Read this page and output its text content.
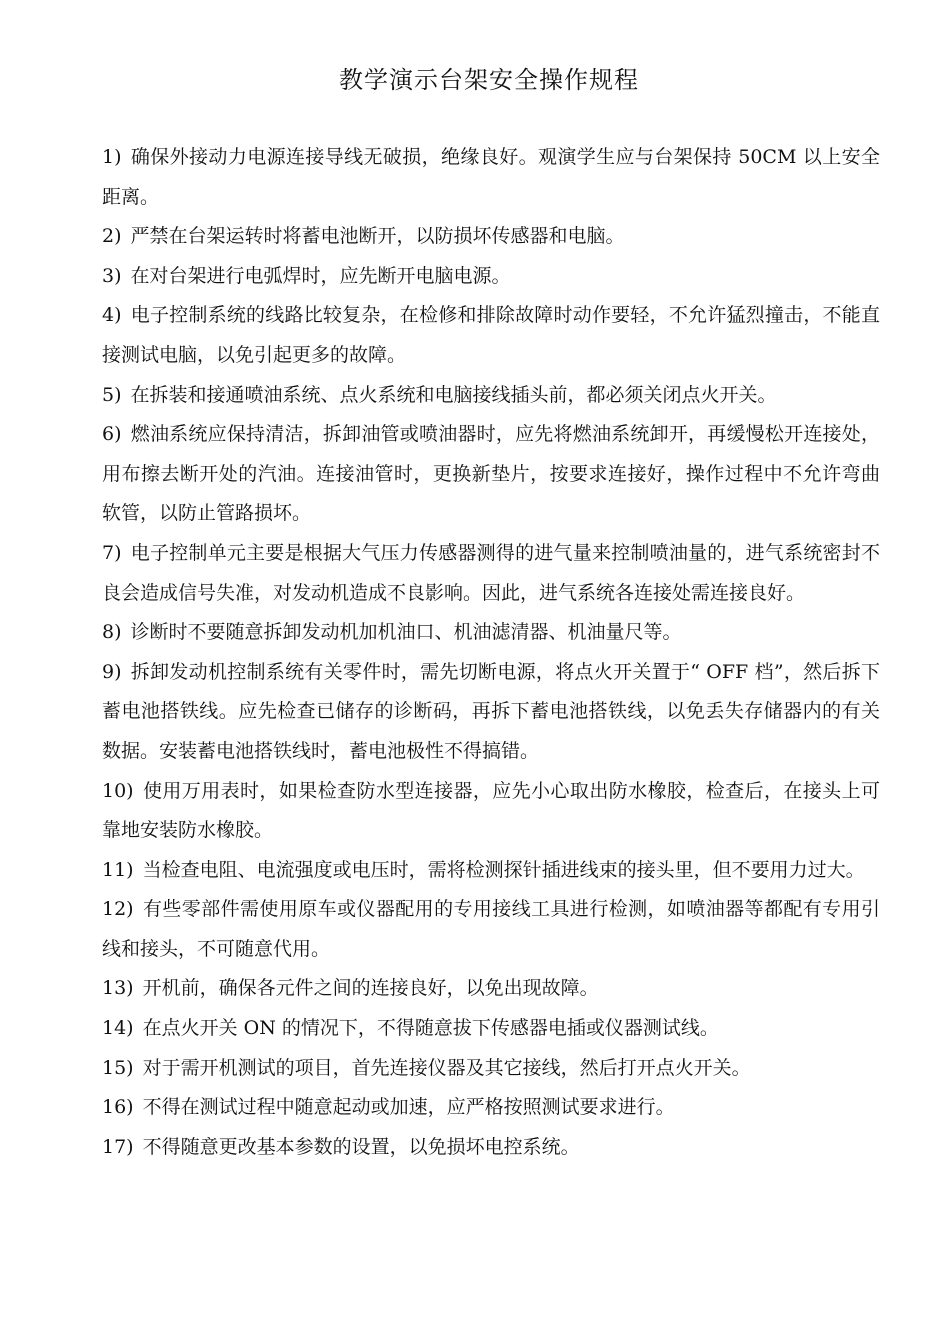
教学演示台架安全操作规程
1) 确保外接动力电源连接导线无破损，绝缘良好。观演学生应与台架保持 50CM 以上安全距离。
2) 严禁在台架运转时将蓄电池断开，以防损坏传感器和电脑。
3) 在对台架进行电弧焊时，应先断开电脑电源。
4) 电子控制系统的线路比较复杂，在检修和排除故障时动作要轻，不允许猛烈撞击，不能直接测试电脑，以免引起更多的故障。
5) 在拆装和接通喷油系统、点火系统和电脑接线插头前，都必须关闭点火开关。
6) 燃油系统应保持清洁，拆卸油管或喷油器时，应先将燃油系统卸开，再缓慢松开连接处，用布擦去断开处的汽油。连接油管时，更换新垫片，按要求连接好，操作过程中不允许弯曲软管，以防止管路损坏。
7) 电子控制单元主要是根据大气压力传感器测得的进气量来控制喷油量的，进气系统密封不良会造成信号失准，对发动机造成不良影响。因此，进气系统各连接处需连接良好。
8) 诊断时不要随意拆卸发动机加机油口、机油滤清器、机油量尺等。
9) 拆卸发动机控制系统有关零件时，需先切断电源，将点火开关置于“ OFF 档”，然后拆下蓄电池搭铁线。应先检查已储存的诊断码，再拆下蓄电池搭铁线，以免丢失存储器内的有关数据。安装蓄电池搭铁线时，蓄电池极性不得搞错。
10) 使用万用表时，如果检查防水型连接器，应先小心取出防水橡胶，检查后，在接头上可靠地安装防水橡胶。
11) 当检查电阻、电流强度或电压时，需将检测探针插进线束的接头里，但不要用力过大。
12) 有些零部件需使用原车或仪器配用的专用接线工具进行检测，如喷油器等都配有专用引线和接头，不可随意代用。
13) 开机前，确保各元件之间的连接良好，以免出现故障。
14) 在点火开关 ON 的情况下，不得随意拔下传感器电插或仪器测试线。
15) 对于需开机测试的项目，首先连接仪器及其它接线，然后打开点火开关。
16) 不得在测试过程中随意起动或加速，应严格按照测试要求进行。
17) 不得随意更改基本参数的设置，以免损坏电控系统。
